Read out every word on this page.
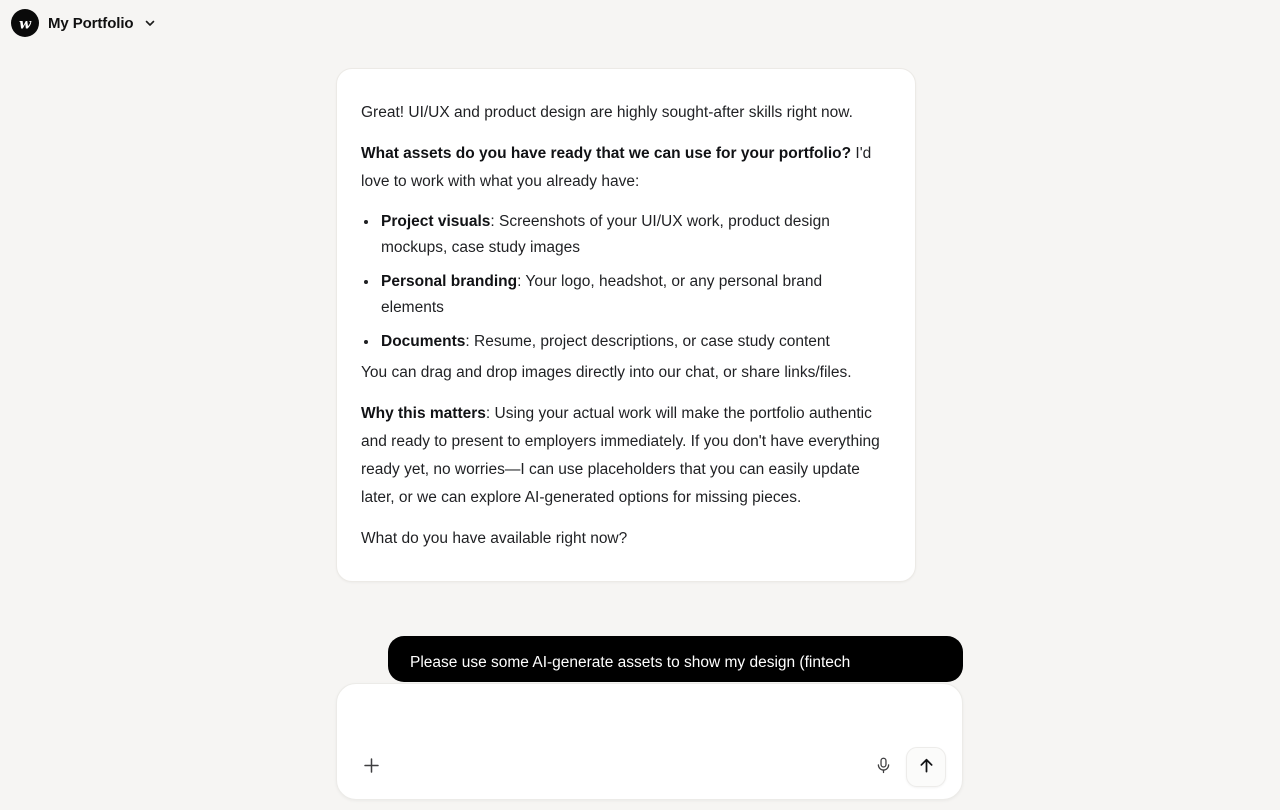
w My Portfolio

Great! UI/UX and product design are highly sought-after skills right now.

What assets do you have ready that we can use for your portfolio? I'd love to work with what you already have:

Project visuals: Screenshots of your UI/UX work, product design mockups, case study images
Personal branding: Your logo, headshot, or any personal brand elements
Documents: Resume, project descriptions, or case study content

You can drag and drop images directly into our chat, or share links/files.

Why this matters: Using your actual work will make the portfolio authentic and ready to present to employers immediately. If you don't have everything ready yet, no worries—I can use placeholders that you can easily update later, or we can explore AI-generated options for missing pieces.

What do you have available right now?

Please use some AI-generate assets to show my design (fintech
